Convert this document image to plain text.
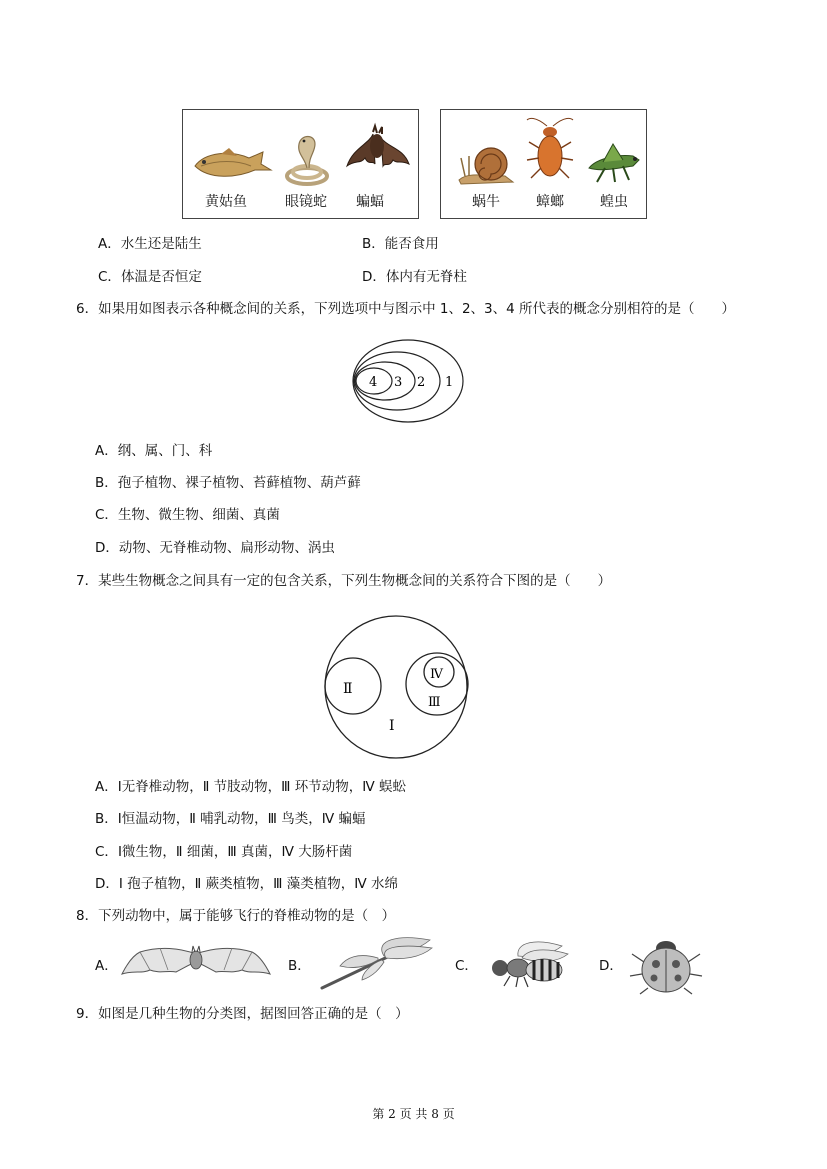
黄姑鱼	眼镜蛇 蝙蝠	蜗牛	蟑螂	蝗虫
A．水生还是陆生	B．能否食用
C．体温是否恒定	D．体内有无脊柱
6．如果用如图表示各种概念间的关系，下列选项中与图示中 1、2、3、4 所代表的概念分别相符的是（　　）
4 3 2 1
A．纲、属、门、科
B．孢子植物、裸子植物、苔藓植物、葫芦藓
C．生物、微生物、细菌、真菌
D．动物、无脊椎动物、扁形动物、涡虫
7．某些生物概念之间具有一定的包含关系，下列生物概念间的关系符合下图的是（　　）
Ⅱ
Ⅳ
Ⅲ
Ⅰ
A．Ⅰ无脊椎动物，Ⅱ 节肢动物，Ⅲ 环节动物，Ⅳ 蜈蚣
B．Ⅰ恒温动物，Ⅱ 哺乳动物，Ⅲ 鸟类，Ⅳ 蝙蝠
C．Ⅰ微生物，Ⅱ 细菌，Ⅲ 真菌，Ⅳ 大肠杆菌
D．Ⅰ 孢子植物，Ⅱ 蕨类植物，Ⅲ 藻类植物，Ⅳ 水绵
8．下列动物中，属于能够飞行的脊椎动物的是（　）
A．	B．	C．	D．
9．如图是几种生物的分类图，据图回答正确的是（　）
第 2 页 共 8 页
